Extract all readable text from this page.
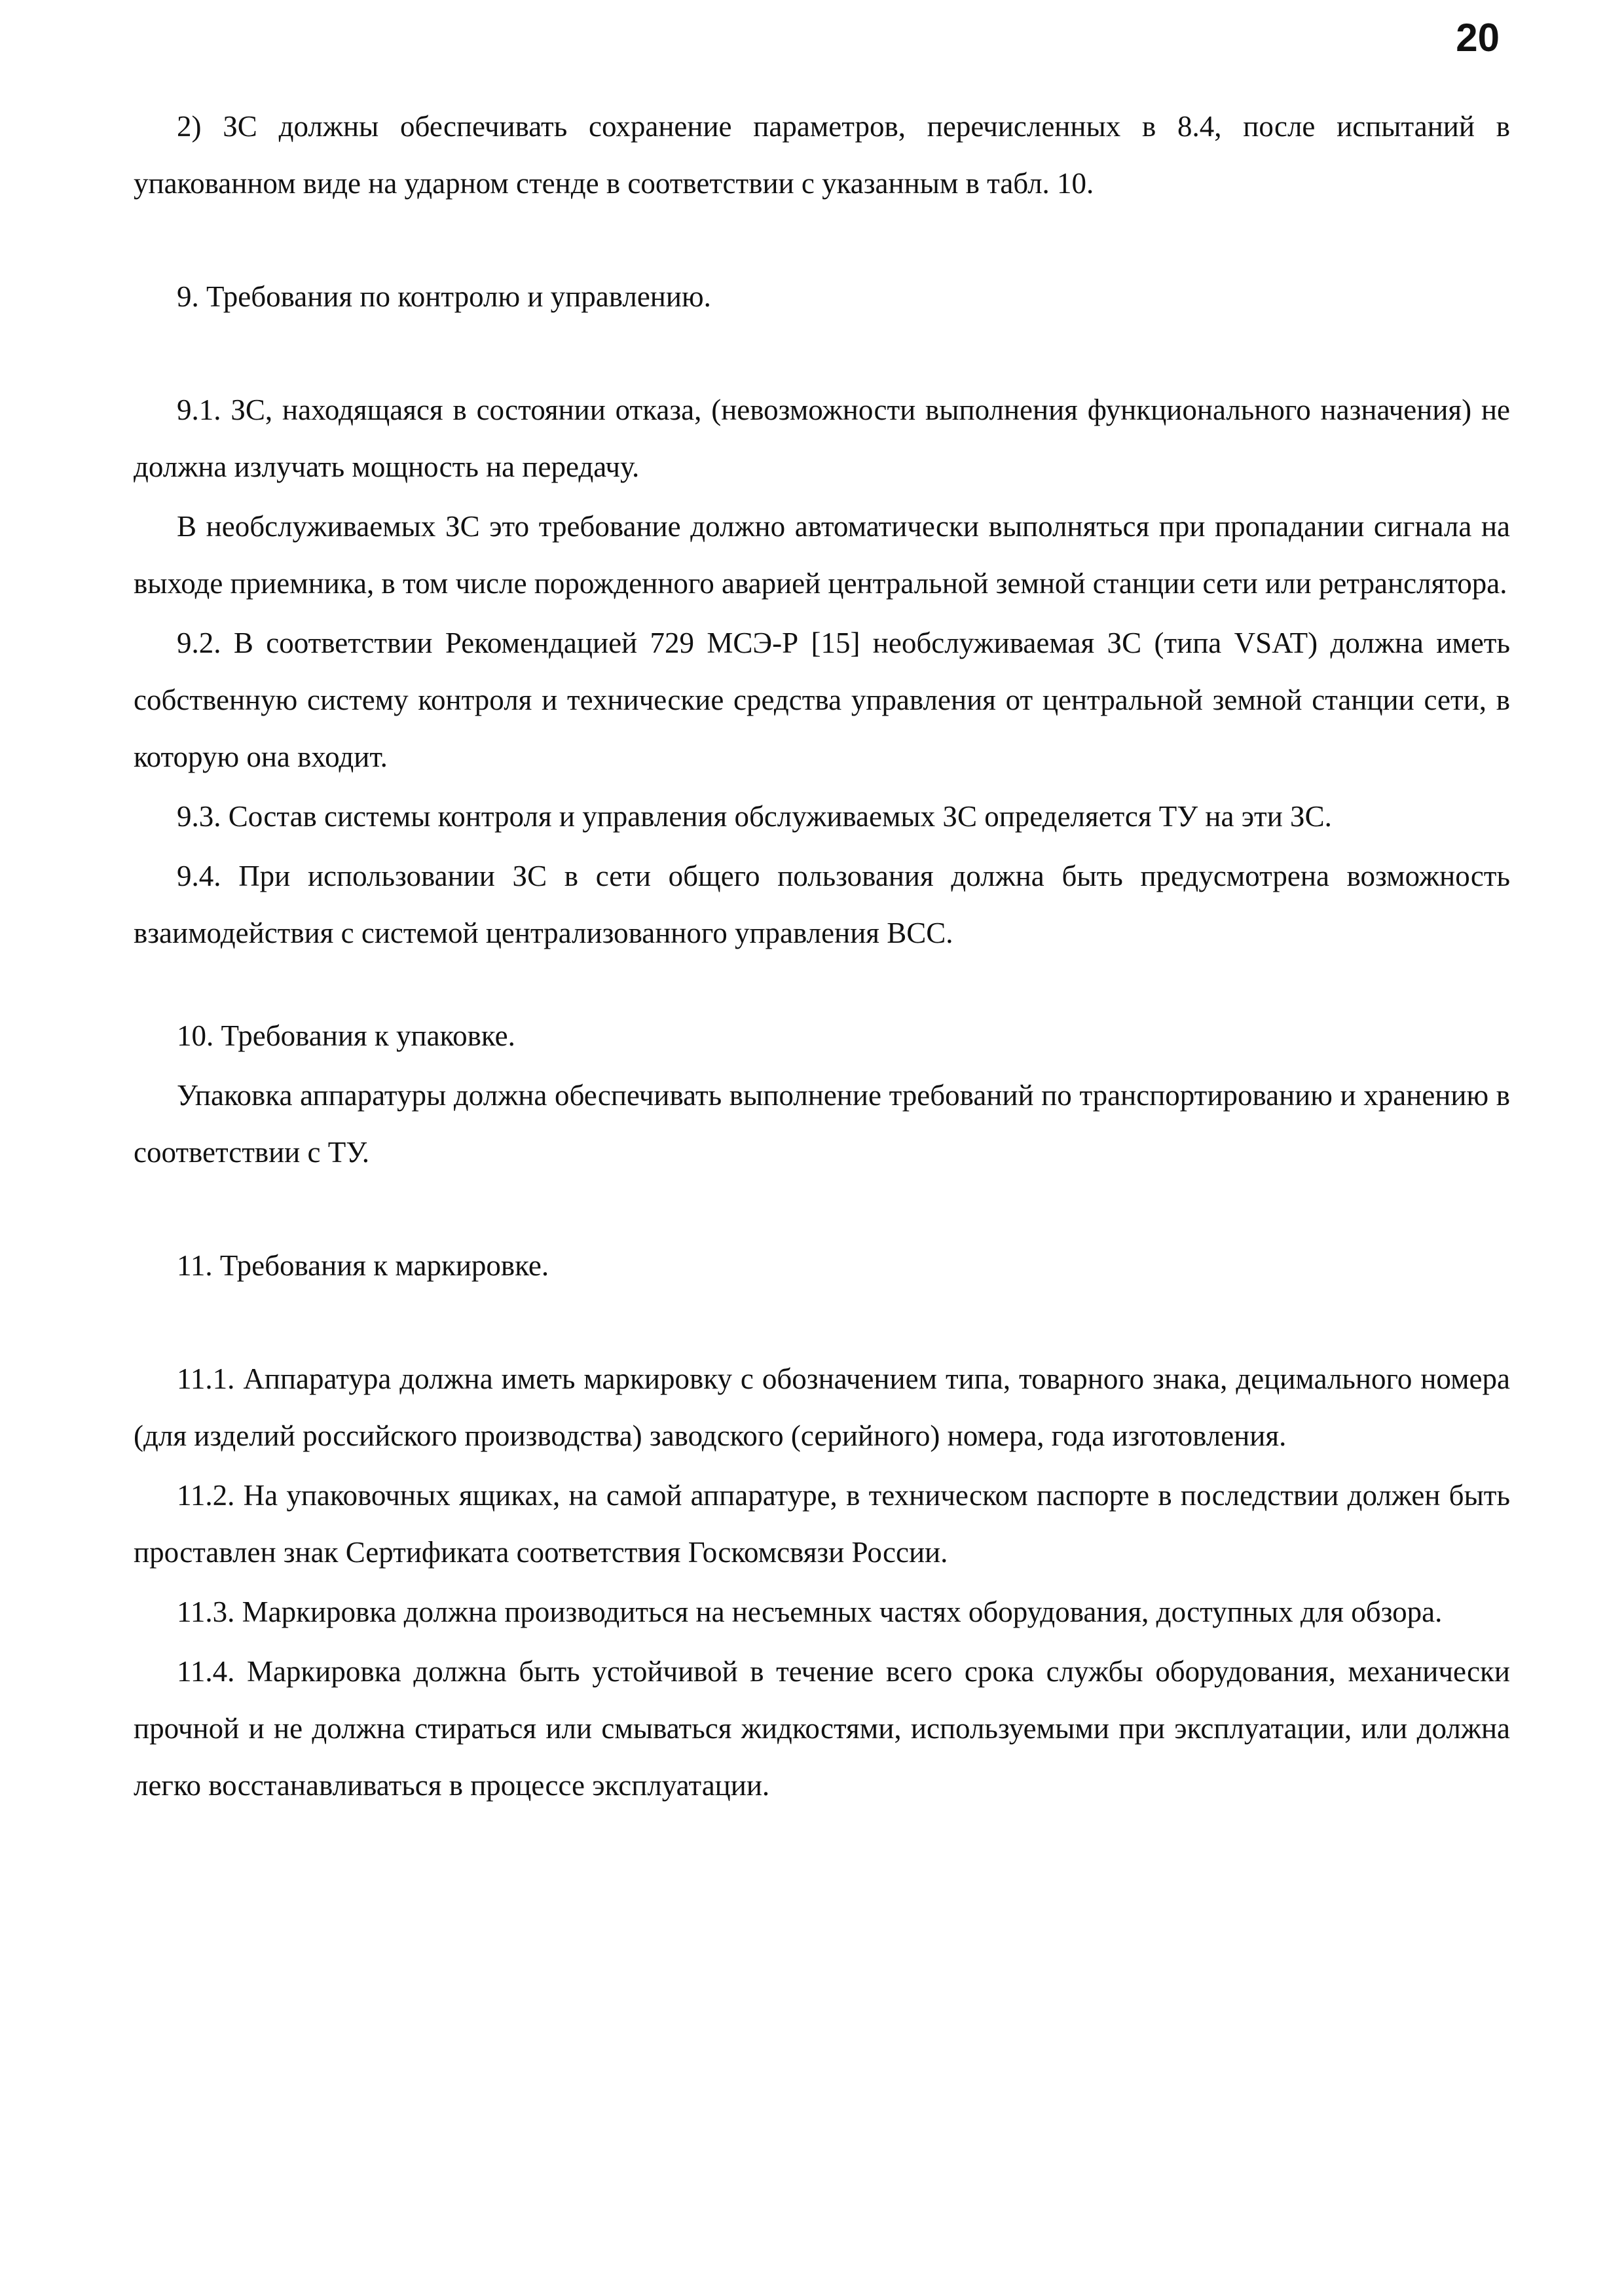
20

2) ЗС должны обеспечивать сохранение параметров, перечисленных в 8.4, после испытаний в упакованном виде на ударном стенде в соответствии с указанным в табл. 10.

9. Требования по контролю и управлению.

9.1. ЗС, находящаяся в состоянии отказа, (невозможности выполнения функционального назначения) не должна излучать мощность на передачу.

В необслуживаемых ЗС это требование должно автоматически выполняться при пропадании сигнала на выходе приемника, в том числе порожденного аварией центральной земной станции сети или ретранслятора.

9.2. В соответствии Рекомендацией 729 МСЭ-Р [15] необслуживаемая ЗС (типа VSAT) должна иметь собственную систему контроля и технические средства управления от центральной земной станции сети, в которую она входит.

9.3. Состав системы контроля и управления обслуживаемых ЗС определяется ТУ на эти ЗС.

9.4. При использовании ЗС в сети общего пользования должна быть предусмотрена возможность взаимодействия с системой централизованного управления ВСС.

10. Требования к упаковке.

Упаковка аппаратуры должна обеспечивать выполнение требований по транспортированию и хранению в соответствии с ТУ.

11. Требования к маркировке.

11.1. Аппаратура должна иметь маркировку с обозначением типа, товарного знака, децимального номера (для изделий российского производства) заводского (серийного) номера, года изготовления.

11.2. На упаковочных ящиках, на самой аппаратуре, в техническом паспорте в последствии должен быть проставлен знак Сертификата соответствия Госкомсвязи России.

11.3. Маркировка должна производиться на несъемных частях оборудования, доступных для обзора.

11.4. Маркировка должна быть устойчивой в течение всего срока службы оборудования, механически прочной и не должна стираться или смываться жидкостями, используемыми при эксплуатации, или должна легко восстанавливаться в процессе эксплуатации.
